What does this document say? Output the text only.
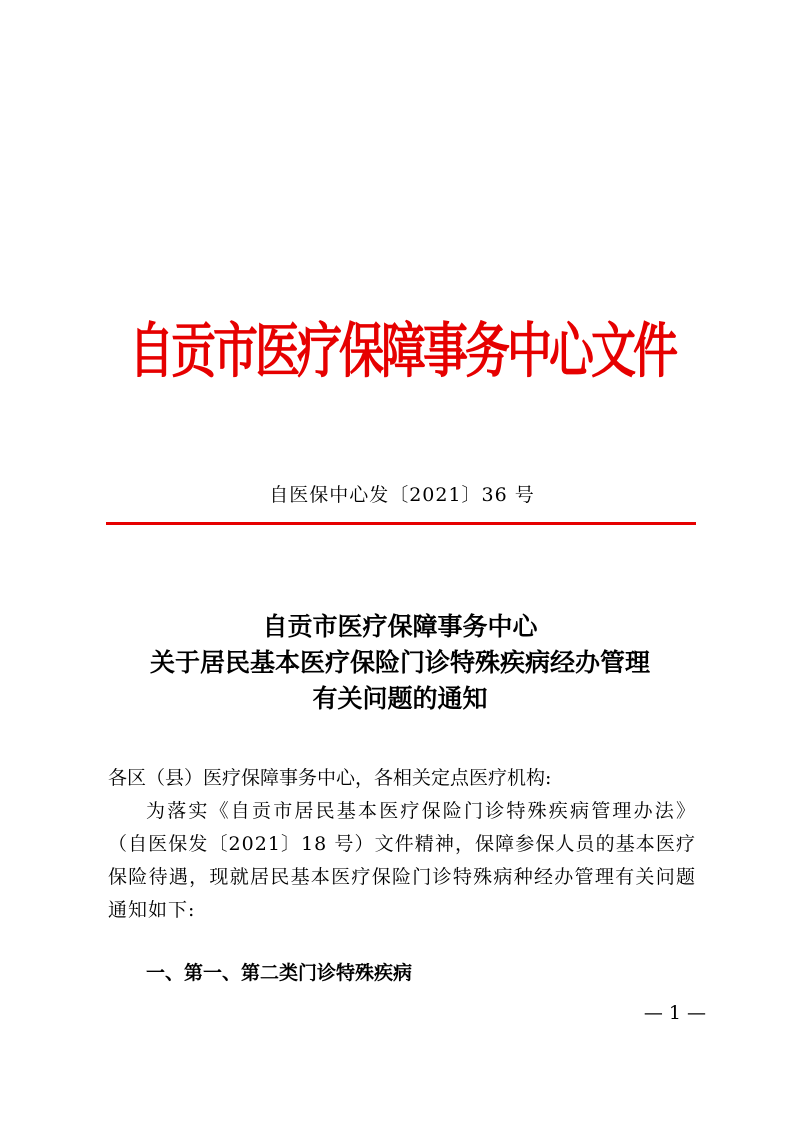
自贡市医疗保障事务中心文件
自医保中心发〔2021〕36 号
自贡市医疗保障事务中心
关于居民基本医疗保险门诊特殊疾病经办管理
有关问题的通知

各区（县）医疗保障事务中心，各相关定点医疗机构:

为落实《自贡市居民基本医疗保险门诊特殊疾病管理办法》（自医保发〔2021〕18 号）文件精神，保障参保人员的基本医疗保险待遇，现就居民基本医疗保险门诊特殊病种经办管理有关问题通知如下:

一、第一、第二类门诊特殊疾病
— 1 —
